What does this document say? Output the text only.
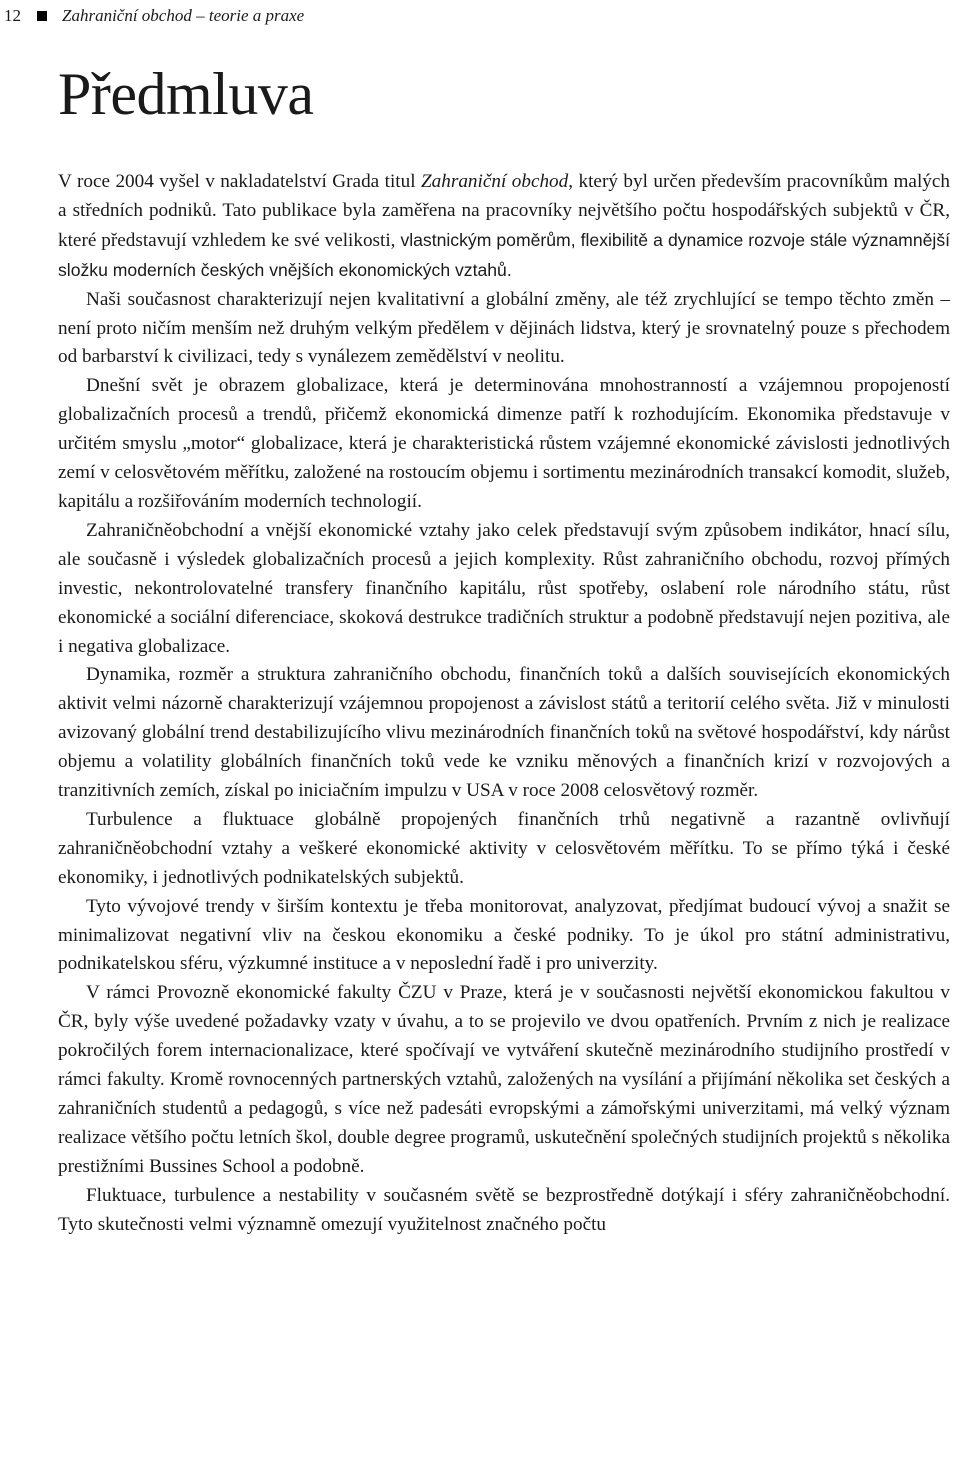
12 Zahraniční obchod – teorie a praxe
Předmluva

V roce 2004 vyšel v nakladatelství Grada titul Zahraniční obchod, který byl určen především pracovníkům malých a středních podniků. Tato publikace byla zaměřena na pracovníky největšího počtu hospodářských subjektů v ČR, které představují vzhledem ke své velikosti, vlastnickým poměrům, flexibilitě a dynamice rozvoje stále významnější složku moderních českých vnějších ekonomických vztahů.

Naši současnost charakterizují nejen kvalitativní a globální změny, ale též zrychlující se tempo těchto změn – není proto ničím menším než druhým velkým předělem v dějinách lidstva, který je srovnatelný pouze s přechodem od barbarství k civilizaci, tedy s vynálezem zemědělství v neolitu.

Dnešní svět je obrazem globalizace, která je determinována mnohostranností a vzájemnou propojeností globalizačních procesů a trendů, přičemž ekonomická dimenze patří k rozhodujícím. Ekonomika představuje v určitém smyslu „motor“ globalizace, která je charakteristická růstem vzájemné ekonomické závislosti jednotlivých zemí v celosvětovém měřítku, založené na rostoucím objemu i sortimentu mezinárodních transakcí komodit, služeb, kapitálu a rozšiřováním moderních technologií.

Zahraničněobchodní a vnější ekonomické vztahy jako celek představují svým způsobem indikátor, hnací sílu, ale současně i výsledek globalizačních procesů a jejich komplexity. Růst zahraničního obchodu, rozvoj přímých investic, nekontrolovatelné transfery finančního kapitálu, růst spotřeby, oslabení role národního státu, růst ekonomické a sociální diferenciace, skoková destrukce tradičních struktur a podobně představují nejen pozitiva, ale i negativa globalizace.

Dynamika, rozměr a struktura zahraničního obchodu, finančních toků a dalších souvisejících ekonomických aktivit velmi názorně charakterizují vzájemnou propojenost a závislost států a teritorií celého světa. Již v minulosti avizovaný globální trend destabilizujícího vlivu mezinárodních finančních toků na světové hospodářství, kdy nárůst objemu a volatility globálních finančních toků vede ke vzniku měnových a finančních krizí v rozvojových a tranzitivních zemích, získal po iniciačním impulzu v USA v roce 2008 celosvětový rozměr.

Turbulence a fluktuace globálně propojených finančních trhů negativně a razantně ovlivňují zahraničněobchodní vztahy a veškeré ekonomické aktivity v celosvětovém měřítku. To se přímo týká i české ekonomiky, i jednotlivých podnikatelských subjektů.

Tyto vývojové trendy v širším kontextu je třeba monitorovat, analyzovat, předjímat budoucí vývoj a snažit se minimalizovat negativní vliv na českou ekonomiku a české podniky. To je úkol pro státní administrativu, podnikatelskou sféru, výzkumné instituce a v neposlední řadě i pro univerzity.

V rámci Provozně ekonomické fakulty ČZU v Praze, která je v současnosti největší ekonomickou fakultou v ČR, byly výše uvedené požadavky vzaty v úvahu, a to se projevilo ve dvou opatřeních. Prvním z nich je realizace pokročilých forem internacionalizace, které spočívají ve vytváření skutečně mezinárodního studijního prostředí v rámci fakulty. Kromě rovnocenných partnerských vztahů, založených na vysílání a přijímání několika set českých a zahraničních studentů a pedagogů, s více než padesáti evropskými a zámořskými univerzitami, má velký význam realizace většího počtu letních škol, double degree programů, uskutečnění společných studijních projektů s několika prestižními Bussines School a podobně.

Fluktuace, turbulence a nestability v současném světě se bezprostředně dotýkají i sféry zahraničněobchodní. Tyto skutečnosti velmi významně omezují využitelnost značného počtu
